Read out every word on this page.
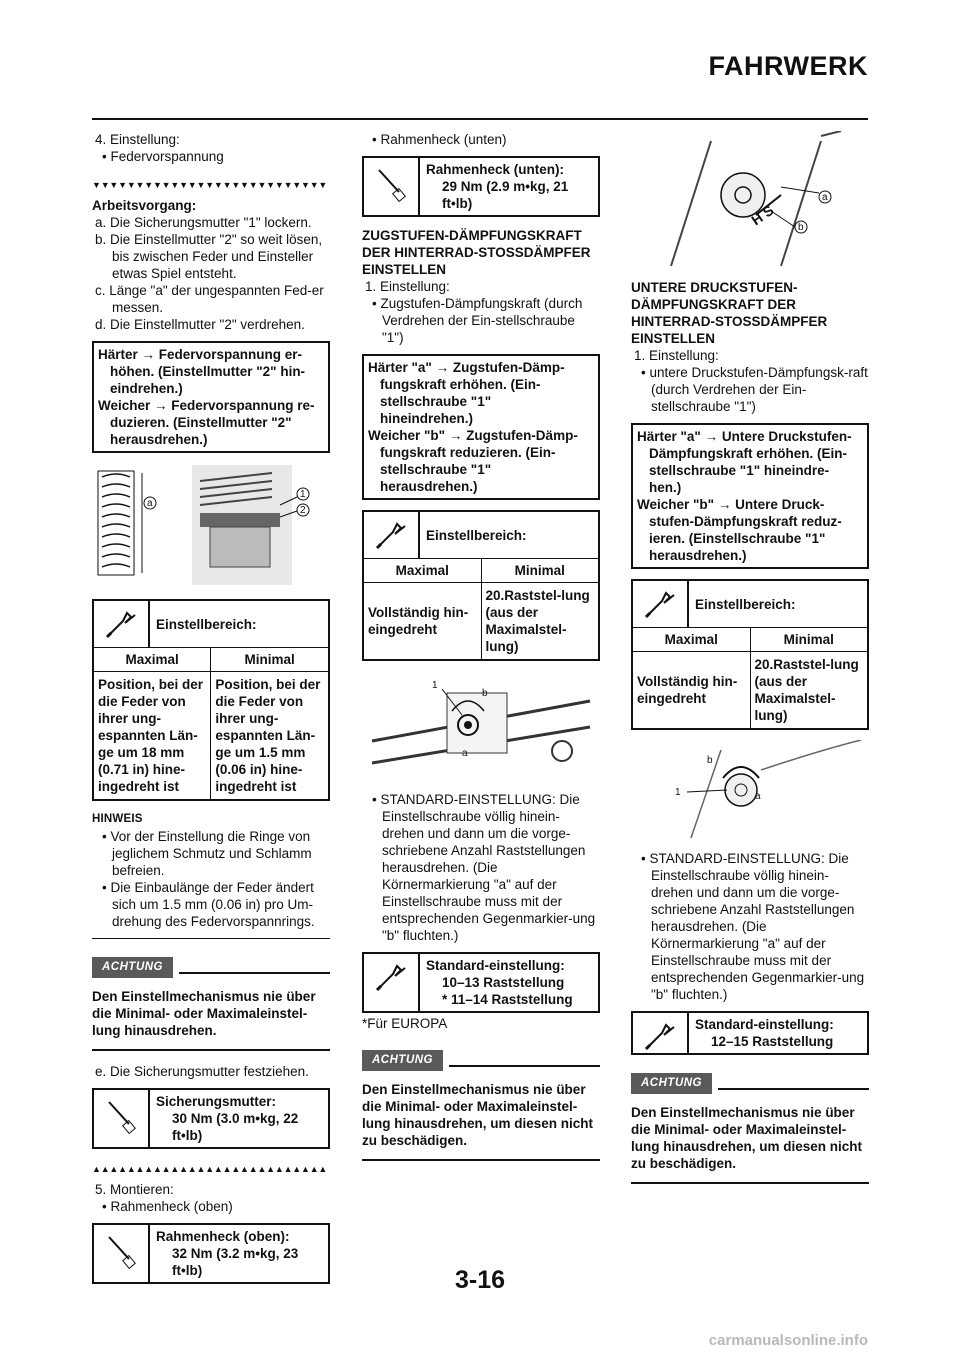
FAHRWERK

4. Einstellung:

• Federvorspannung

▼▼▼▼▼▼▼▼▼▼▼▼▼▼▼▼▼▼▼▼▼▼▼▼▼▼▼

Arbeitsvorgang:

a. Die Sicherungsmutter "1" lockern.

b. Die Einstellmutter "2" so weit lösen, bis zwischen Feder und Einsteller etwas Spiel entsteht.

c. Länge "a" der ungespannten Fed-er messen.

d. Die Einstellmutter "2" verdrehen.

Härter → Federvorspannung er-
höhen. (Einstellmutter "2" hin-
eindrehen.)
Weicher → Federvorspannung re-
duzieren. (Einstellmutter "2"
herausdrehen.)
1
2
a
Einstellbereich:
Maximal	Minimal
Position, bei der die Feder von ihrer ung-espannten Län-ge um 18 mm (0.71 in) hine-ingedreht ist	Position, bei der die Feder von ihrer ung-espannten Län-ge um 1.5 mm (0.06 in) hine-ingedreht ist
HINWEIS

• Vor der Einstellung die Ringe von jeglichem Schmutz und Schlamm befreien.

• Die Einbaulänge der Feder ändert sich um 1.5 mm (0.06 in) pro Um-drehung des Federvorspannrings.

ACHTUNG

Den Einstellmechanismus nie über die Minimal- oder Maximaleinstel-lung hinausdrehen.

e. Die Sicherungsmutter festziehen.

Sicherungsmutter:
30 Nm (3.0 m•kg, 22
ft•lb)
▲▲▲▲▲▲▲▲▲▲▲▲▲▲▲▲▲▲▲▲▲▲▲▲▲▲▲

5. Montieren:

• Rahmenheck (oben)

Rahmenheck (oben):
32 Nm (3.2 m•kg, 23
ft•lb)

• Rahmenheck (unten)

Rahmenheck (unten):
29 Nm (2.9 m•kg, 21
ft•lb)

ZUGSTUFEN-DÄMPFUNGSKRAFT DER HINTERRAD-STOSSDÄMPFER EINSTELLEN

1. Einstellung:

• Zugstufen-Dämpfungskraft (durch Verdrehen der Ein-stellschraube "1")

Härter "a" → Zugstufen-Dämp-
fungskraft erhöhen. (Ein-
stellschraube "1"
hineindrehen.)
Weicher "b" → Zugstufen-Dämp-
fungskraft reduzieren. (Ein-
stellschraube "1"
herausdrehen.)
Einstellbereich:
Maximal	Minimal
Vollständig hin-eingedreht	20.Raststel-lung (aus der Maximalstel-lung)
1
b
a

• STANDARD-EINSTELLUNG: Die Einstellschraube völlig hinein-drehen und dann um die vorge-schriebene Anzahl Raststellungen herausdrehen. (Die Körnermarkierung "a" auf der Einstellschraube muss mit der entsprechenden Gegenmarkier-ung "b" fluchten.)

Standard-einstellung:
10–13 Raststellung
* 11–14 Raststellung

*Für EUROPA

ACHTUNG

Den Einstellmechanismus nie über die Minimal- oder Maximaleinstel-lung hinausdrehen, um diesen nicht zu beschädigen.

a
b
H S

UNTERE DRUCKSTUFEN-DÄMPFUNGSKRAFT DER HINTERRAD-STOSSDÄMPFER EINSTELLEN

1. Einstellung:

• untere Druckstufen-Dämpfungsk-raft (durch Verdrehen der Ein-stellschraube "1")

Härter "a" → Untere Druckstufen-
Dämpfungskraft erhöhen. (Ein-
stellschraube "1" hineindre-
hen.)
Weicher "b" → Untere Druck-
stufen-Dämpfungskraft reduz-
ieren. (Einstellschraube "1"
herausdrehen.)
Einstellbereich:
Maximal	Minimal
Vollständig hin-eingedreht	20.Raststel-lung (aus der Maximalstel-lung)
1
b
a

• STANDARD-EINSTELLUNG: Die Einstellschraube völlig hinein-drehen und dann um die vorge-schriebene Anzahl Raststellungen herausdrehen. (Die Körnermarkierung "a" auf der Einstellschraube muss mit der entsprechenden Gegenmarkier-ung "b" fluchten.)

Standard-einstellung:
12–15 Raststellung
ACHTUNG

Den Einstellmechanismus nie über die Minimal- oder Maximaleinstel-lung hinausdrehen, um diesen nicht zu beschädigen.

3-16
carmanualsonline.info
